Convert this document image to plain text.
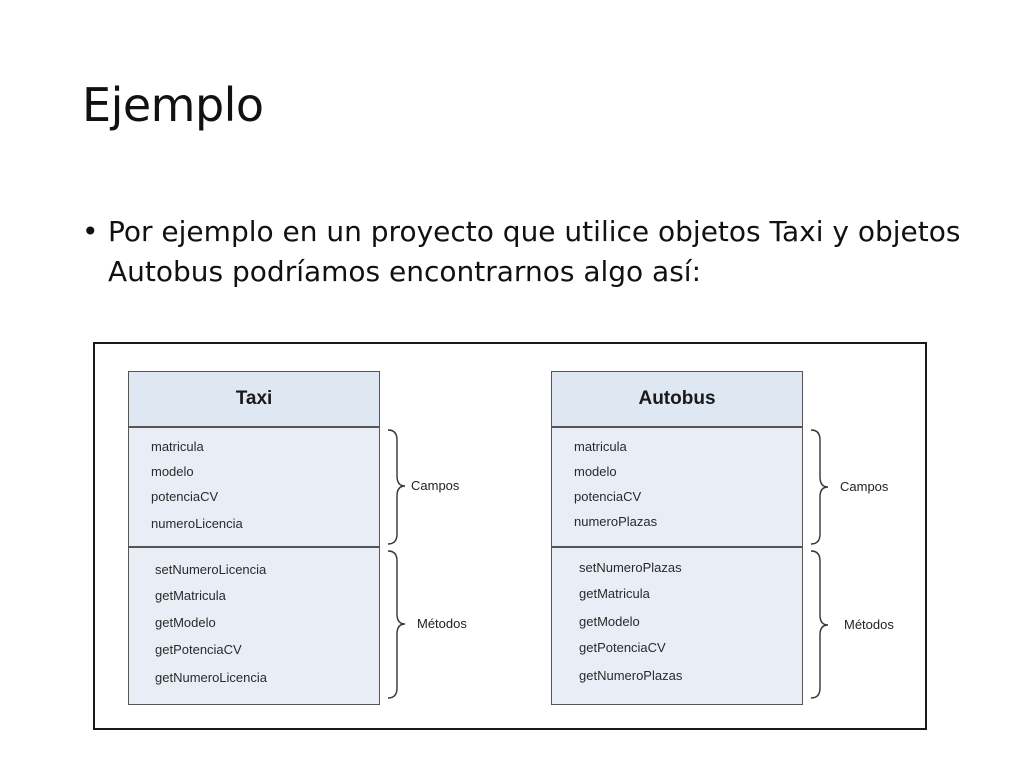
Ejemplo
• Por ejemplo en un proyecto que utilice objetos Taxi y objetos Autobus podríamos encontrarnos algo así:
Taxi
matricula
modelo
potenciaCV
numeroLicencia
setNumeroLicencia
getMatricula
getModelo
getPotenciaCV
getNumeroLicencia
Autobus
matricula
modelo
potenciaCV
numeroPlazas
setNumeroPlazas
getMatricula
getModelo
getPotenciaCV
getNumeroPlazas
Campos
Métodos
Campos
Métodos
